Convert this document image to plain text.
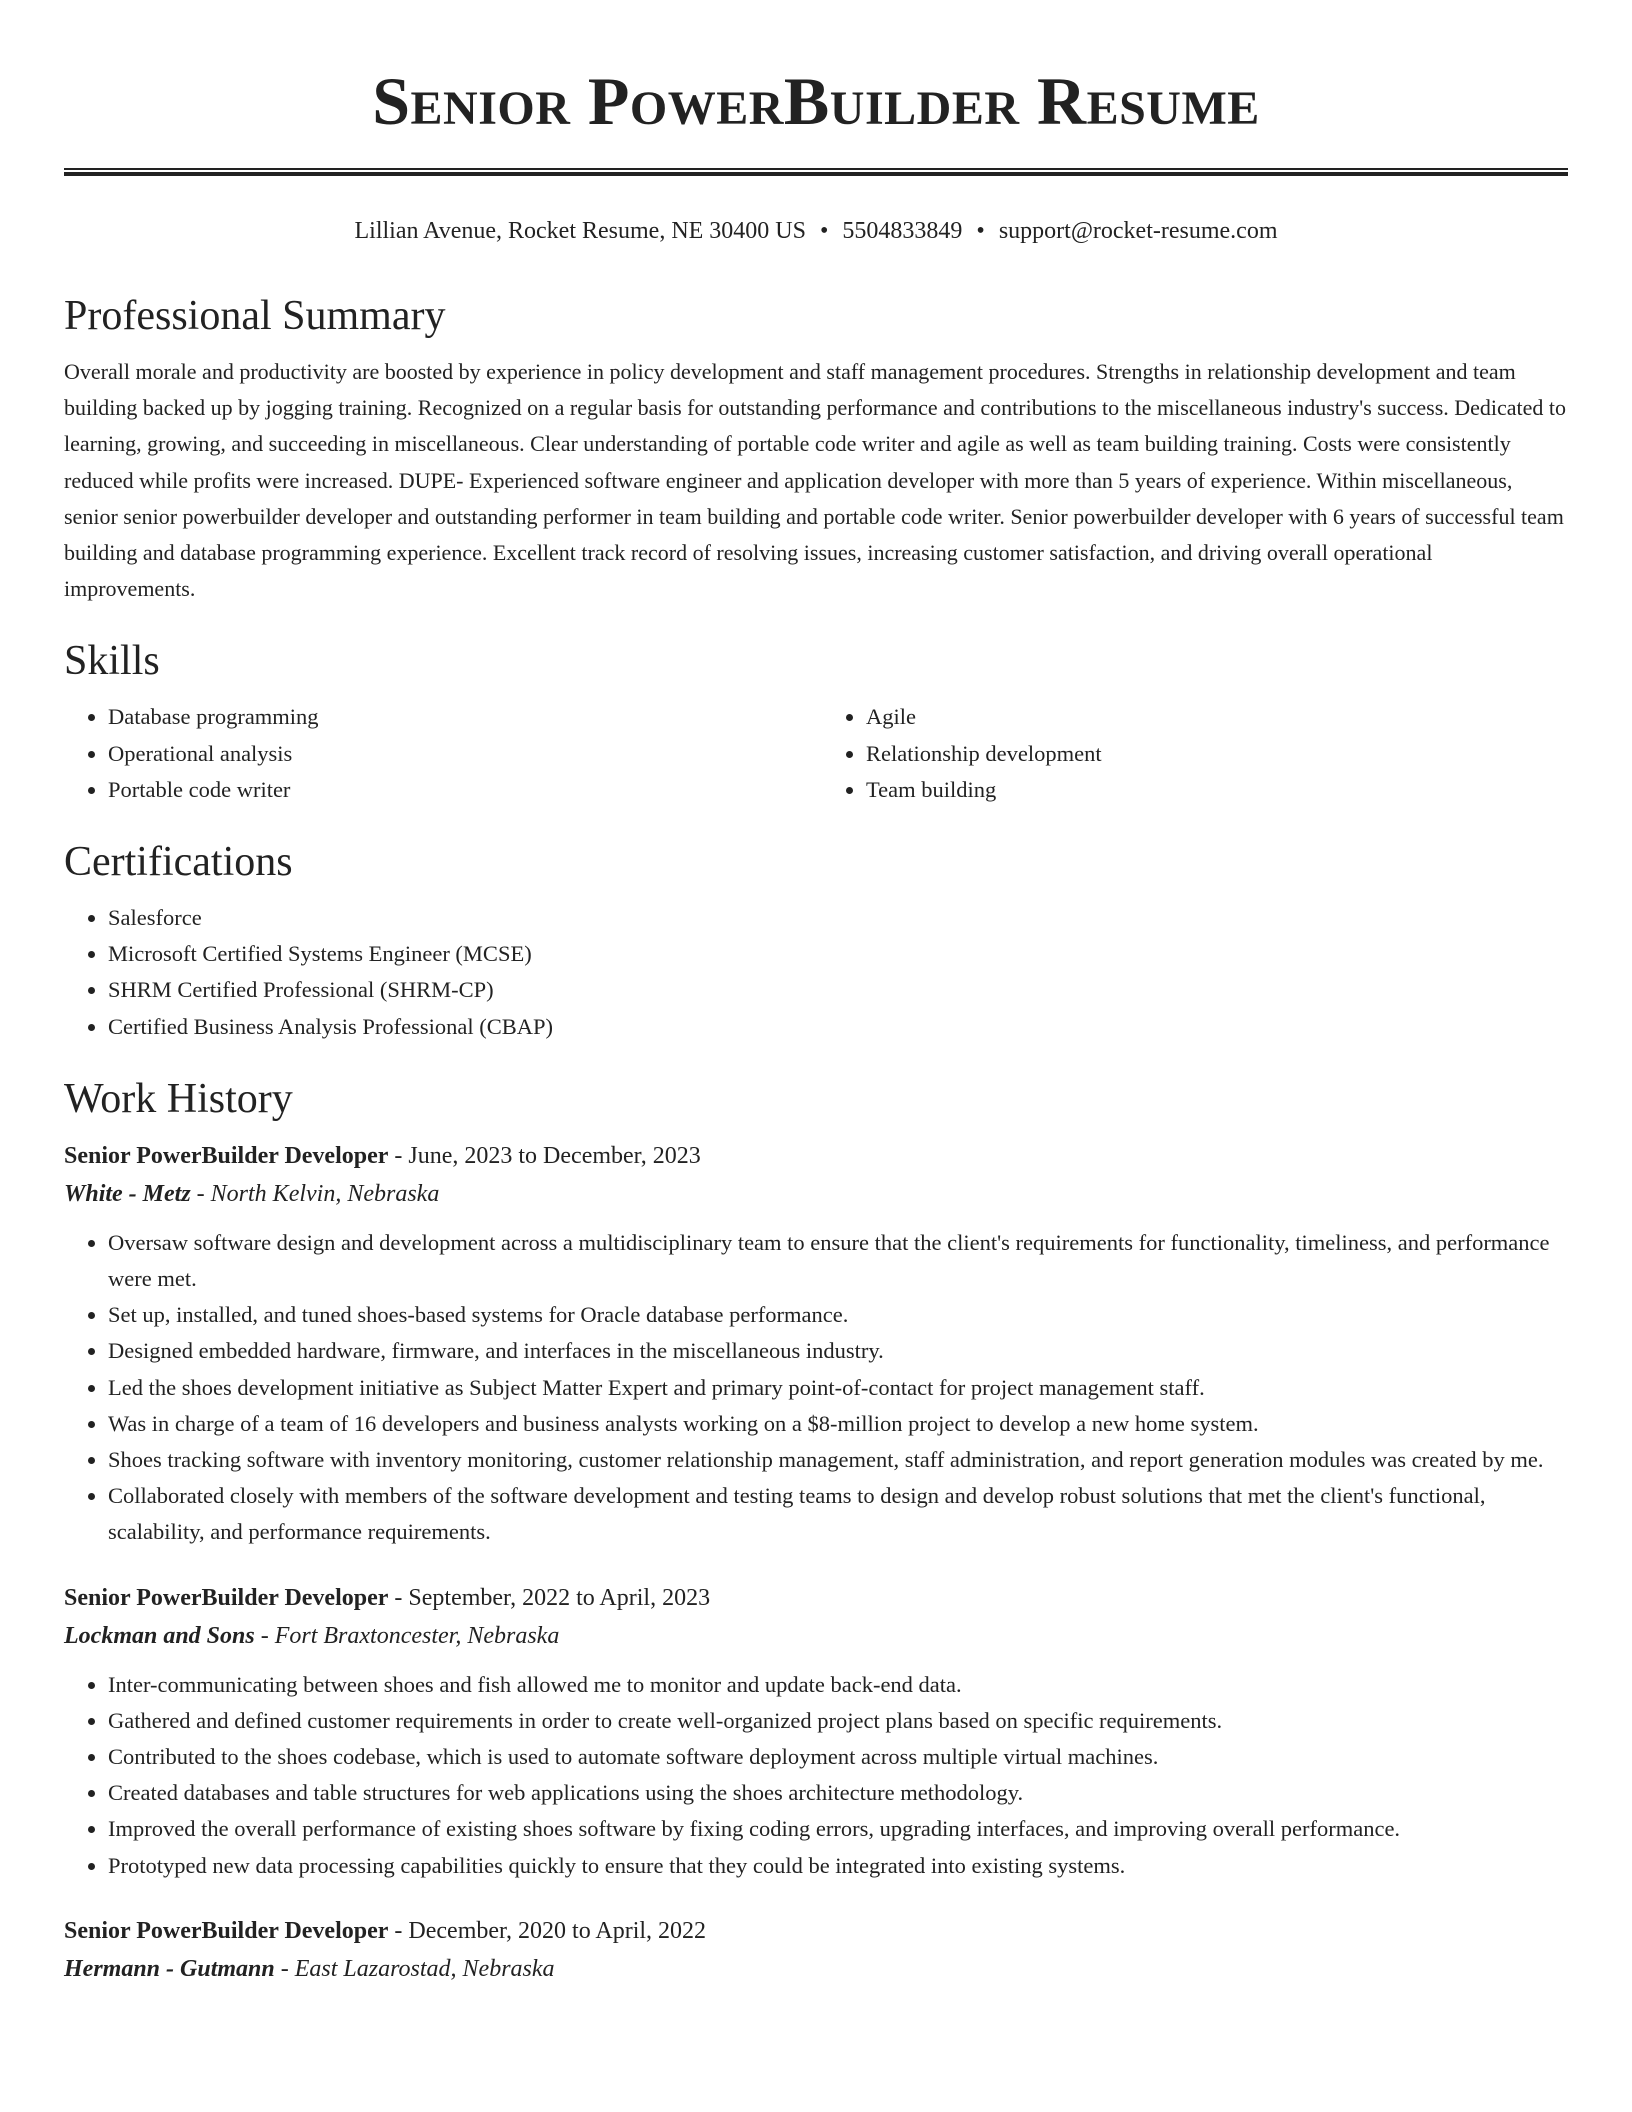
Senior PowerBuilder Resume
Lillian Avenue, Rocket Resume, NE 30400 US • 5504833849 • support@rocket-resume.com
Professional Summary

Overall morale and productivity are boosted by experience in policy development and staff management procedures. Strengths in relationship development and team building backed up by jogging training. Recognized on a regular basis for outstanding performance and contributions to the miscellaneous industry's success. Dedicated to learning, growing, and succeeding in miscellaneous. Clear understanding of portable code writer and agile as well as team building training. Costs were consistently reduced while profits were increased. DUPE- Experienced software engineer and application developer with more than 5 years of experience. Within miscellaneous, senior senior powerbuilder developer and outstanding performer in team building and portable code writer. Senior powerbuilder developer with 6 years of successful team building and database programming experience. Excellent track record of resolving issues, increasing customer satisfaction, and driving overall operational improvements.

Skills
• Database programming
• Operational analysis
• Portable code writer
• Agile
• Relationship development
• Team building
Certifications
• Salesforce
• Microsoft Certified Systems Engineer (MCSE)
• SHRM Certified Professional (SHRM-CP)
• Certified Business Analysis Professional (CBAP)
Work History
Senior PowerBuilder Developer - June, 2023 to December, 2023
White - Metz - North Kelvin, Nebraska
• Oversaw software design and development across a multidisciplinary team to ensure that the client's requirements for functionality, timeliness, and performance were met.
• Set up, installed, and tuned shoes-based systems for Oracle database performance.
• Designed embedded hardware, firmware, and interfaces in the miscellaneous industry.
• Led the shoes development initiative as Subject Matter Expert and primary point-of-contact for project management staff.
• Was in charge of a team of 16 developers and business analysts working on a $8-million project to develop a new home system.
• Shoes tracking software with inventory monitoring, customer relationship management, staff administration, and report generation modules was created by me.
• Collaborated closely with members of the software development and testing teams to design and develop robust solutions that met the client's functional, scalability, and performance requirements.
Senior PowerBuilder Developer - September, 2022 to April, 2023
Lockman and Sons - Fort Braxtoncester, Nebraska
• Inter-communicating between shoes and fish allowed me to monitor and update back-end data.
• Gathered and defined customer requirements in order to create well-organized project plans based on specific requirements.
• Contributed to the shoes codebase, which is used to automate software deployment across multiple virtual machines.
• Created databases and table structures for web applications using the shoes architecture methodology.
• Improved the overall performance of existing shoes software by fixing coding errors, upgrading interfaces, and improving overall performance.
• Prototyped new data processing capabilities quickly to ensure that they could be integrated into existing systems.
Senior PowerBuilder Developer - December, 2020 to April, 2022
Hermann - Gutmann - East Lazarostad, Nebraska
